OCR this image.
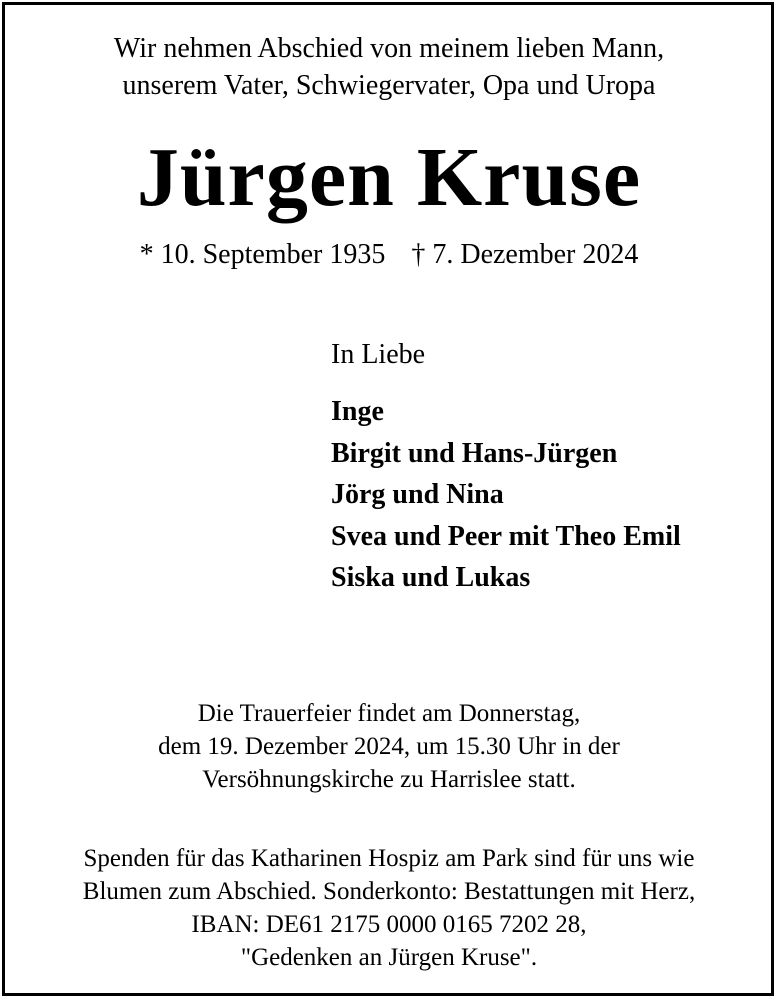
Wir nehmen Abschied von meinem lieben Mann,
unserem Vater, Schwiegervater, Opa und Uropa
Jürgen Kruse
* 10. September 1935 † 7. Dezember 2024
In Liebe
Inge
Birgit und Hans-Jürgen
Jörg und Nina
Svea und Peer mit Theo Emil
Siska und Lukas
Die Trauerfeier findet am Donnerstag,
dem 19. Dezember 2024, um 15.30 Uhr in der
Versöhnungskirche zu Harrislee statt.
Spenden für das Katharinen Hospiz am Park sind für uns wie
Blumen zum Abschied. Sonderkonto: Bestattungen mit Herz,
IBAN: DE61 2175 0000 0165 7202 28,
"Gedenken an Jürgen Kruse".
